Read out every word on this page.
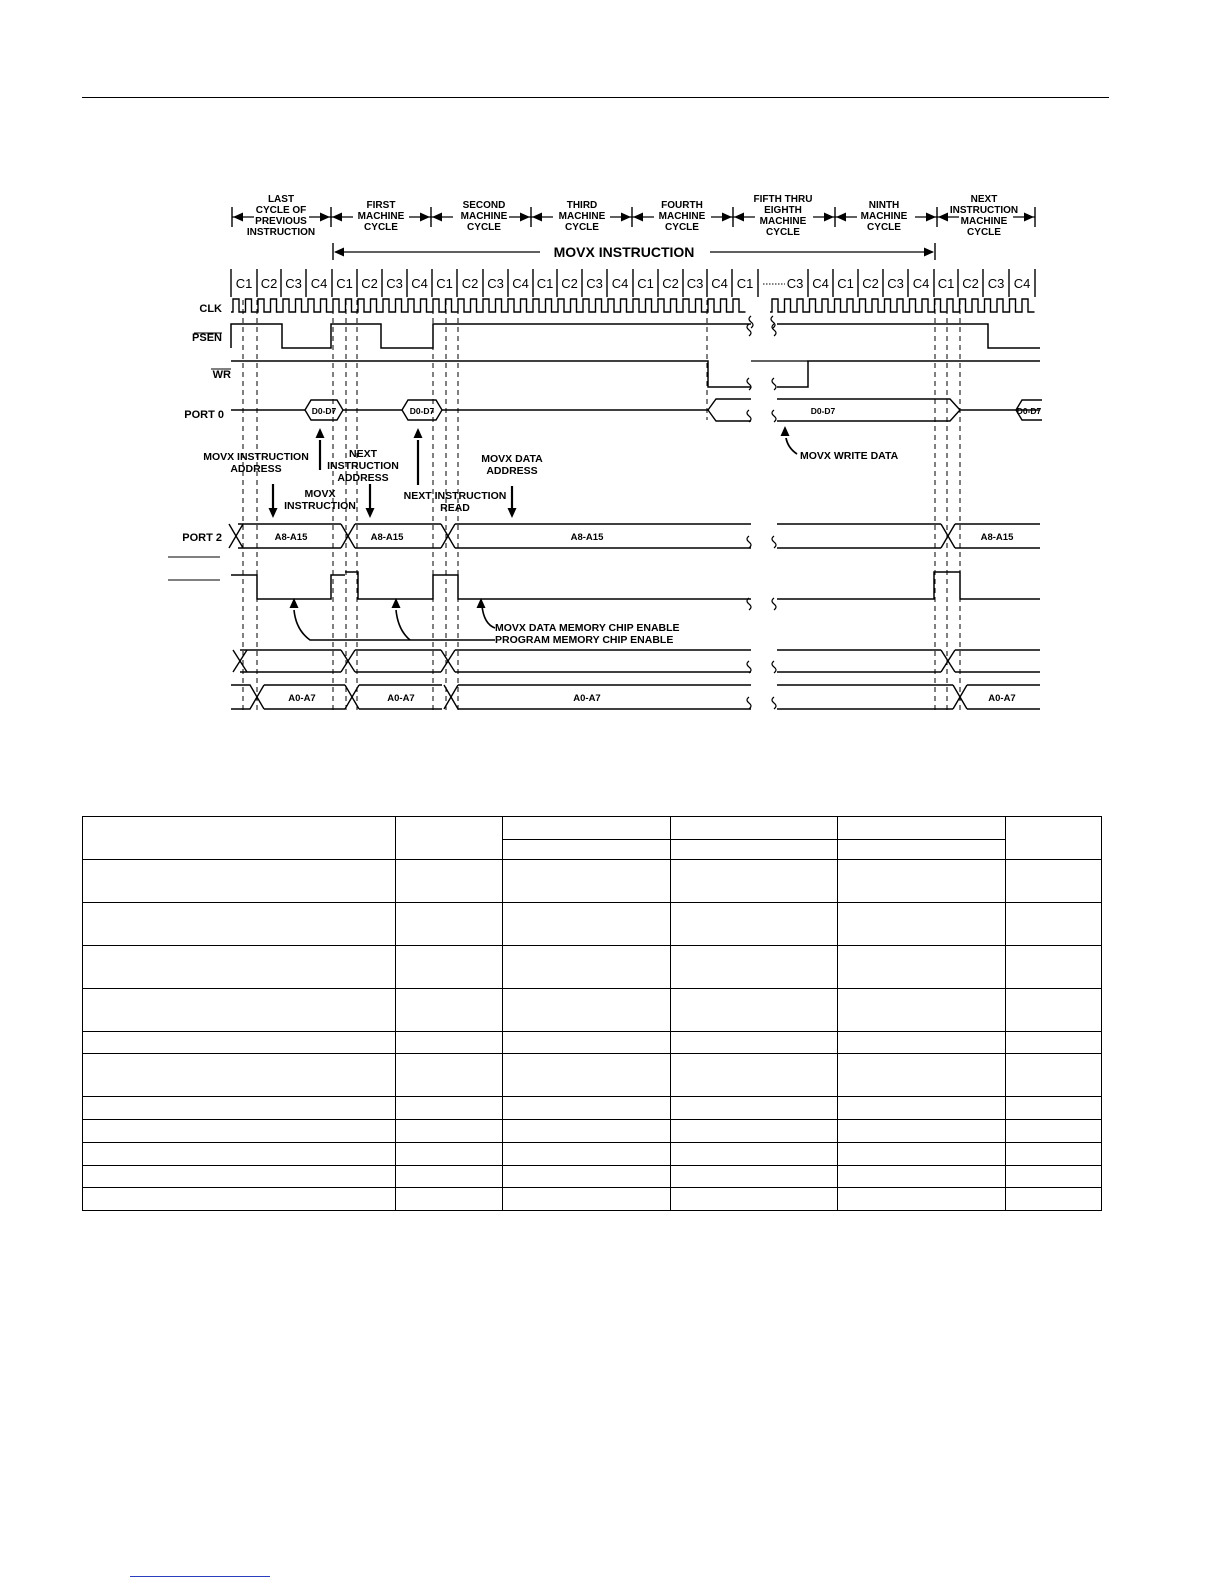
LAST
CYCLE OF
PREVIOUS
INSTRUCTION
FIRST
MACHINE
CYCLE
SECOND
MACHINE
CYCLE
THIRD
MACHINE
CYCLE
FOURTH
MACHINE
CYCLE
FIFTH THRU
EIGHTH
MACHINE
CYCLE
NINTH
MACHINE
CYCLE
NEXT
INSTRUCTION
MACHINE
CYCLE
MOVX INSTRUCTION
C1 C2 C3 C4 C1 C2 C3 C4 C1 C2 C3 C4 C1 C2 C3 C4 C1 C2 C3 C4 C1	C3 C4 C1 C2 C3 C4 C1 C2 C3 C4
CLK
PSEN
WR
PORT 0
PORT 2
D0-D7	D0-D7	D0-D7	D0-D7
A8-A15	A8-A15	A8-A15	A8-A15
A0-A7	A0-A7	A0-A7	A0-A7
MOVX INSTRUCTION
ADDRESS
NEXT
INSTRUCTION
ADDRESS
MOVX
INSTRUCTION
NEXT INSTRUCTION
READ
MOVX DATA
ADDRESS
MOVX WRITE DATA
MOVX DATA MEMORY CHIP ENABLE
PROGRAM MEMORY CHIP ENABLE
